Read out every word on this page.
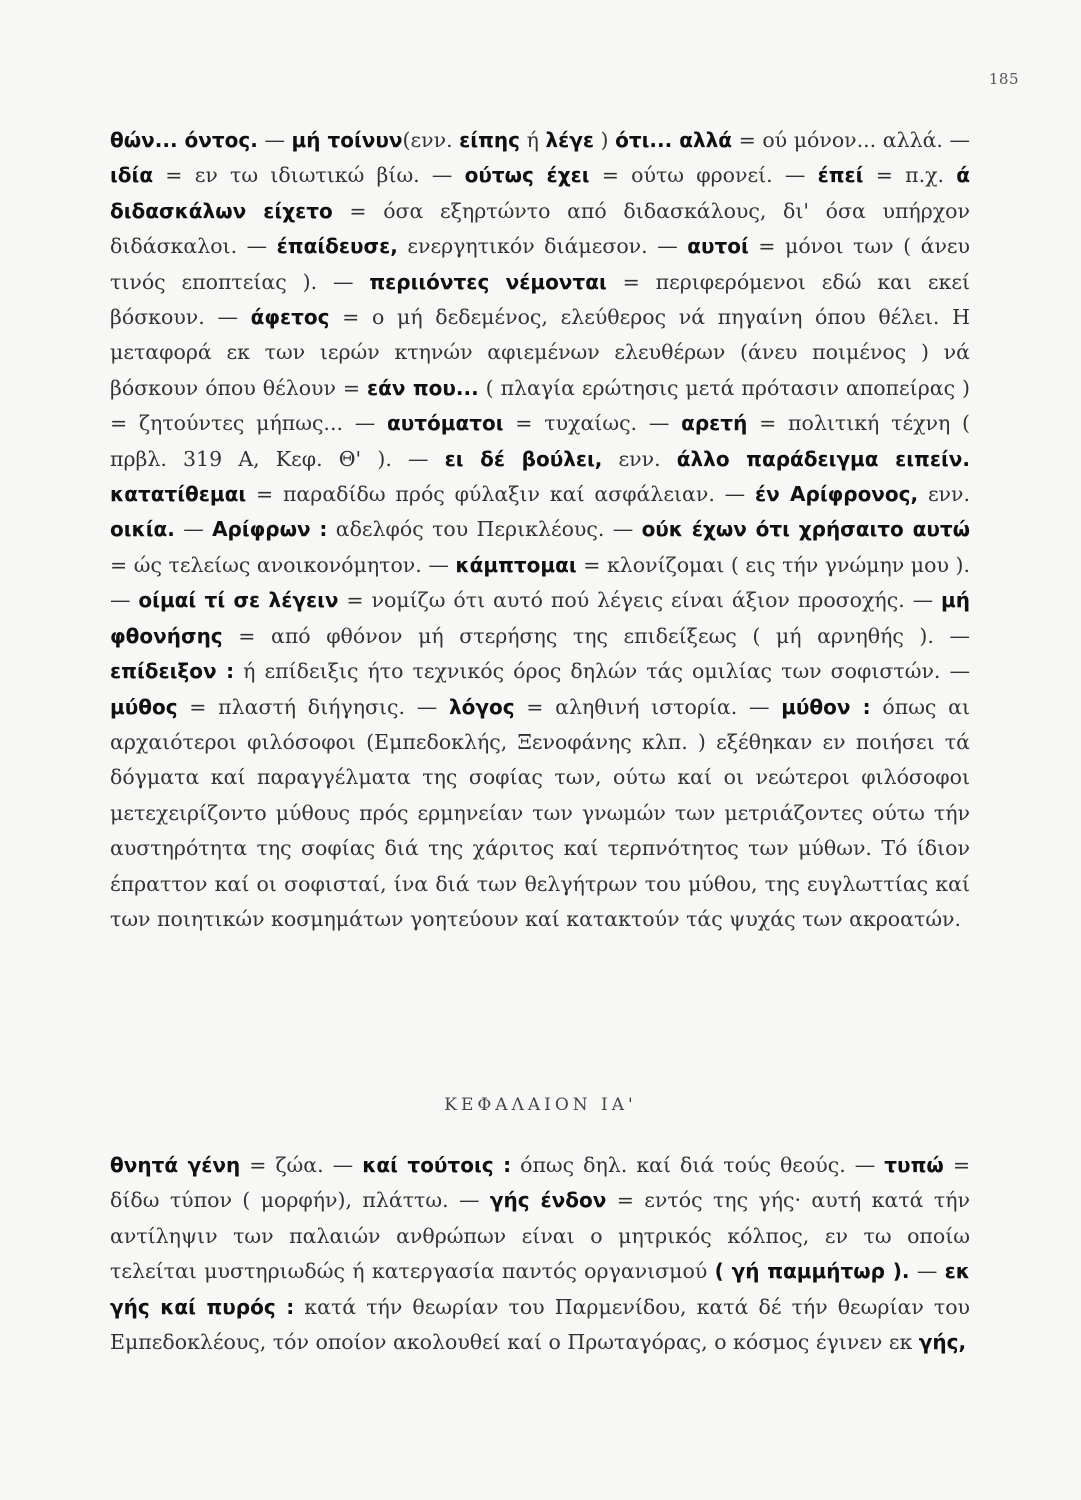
185

θών... όντος. — μή τοίνυν(ενν. είπης ή λέγε ) ότι... αλλά = ού μόνον... αλλά. — ιδία = εν τω ιδιωτικώ βίω. — ούτως έχει = ούτω φρονεί. — έπεί = π.χ. ά διδασκάλων είχετο = όσα εξηρτώντο από διδασκάλους, δι' όσα υπήρχον διδάσκαλοι. — έπαίδευσε, ενεργητικόν διάμεσον. — αυτοί = μόνοι των ( άνευ τινός εποπτείας ). — περιιόντες νέμονται = περιφερόμενοι εδώ και εκεί βόσκουν. — άφετος = ο μή δεδεμένος, ελεύθερος νά πηγαίνη όπου θέλει. Η μεταφορά εκ των ιερών κτηνών αφιεμένων ελευθέρων (άνευ ποιμένος ) νά βόσκουν όπου θέλουν = εάν που... ( πλαγία ερώτησις μετά πρότασιν αποπείρας ) = ζητούντες μήπως... — αυτόματοι = τυχαίως. — αρετή = πολιτική τέχνη ( πρβλ. 319 Α, Κεφ. Θ' ). — ει δέ βούλει, ενν. άλλο παράδειγμα ειπείν. κατατίθεμαι = παραδίδω πρός φύλαξιν καί ασφάλειαν. — έν Αρίφρονος, ενν. οικία. — Αρίφρων : αδελφός του Περικλέους. — ούκ έχων ότι χρήσαιτο αυτώ = ώς τελείως ανοικονόμητον. — κάμπτομαι = κλονίζομαι ( εις τήν γνώμην μου ). — οίμαί τί σε λέγειν = νομίζω ότι αυτό πού λέγεις είναι άξιον προσοχής. — μή φθονήσης = από φθόνον μή στερήσης της επιδείξεως ( μή αρνηθής ). — επίδειξον : ή επίδειξις ήτο τεχνικός όρος δηλών τάς ομιλίας των σοφιστών. — μύθος = πλαστή διήγησις. — λόγος = αληθινή ιστορία. — μύθον : όπως αι αρχαιότεροι φιλόσοφοι (Εμπεδοκλής, Ξενοφάνης κλπ. ) εξέθηκαν εν ποιήσει τά δόγματα καί παραγγέλματα της σοφίας των, ούτω καί οι νεώτεροι φιλόσοφοι μετεχειρίζοντο μύθους πρός ερμηνείαν των γνωμών των μετριάζοντες ούτω τήν αυστηρότητα της σοφίας διά της χάριτος καί τερπνότητος των μύθων. Τό ίδιον έπραττον καί οι σοφισταί, ίνα διά των θελγήτρων του μύθου, της ευγλωττίας καί των ποιητικών κοσμημάτων γοητεύουν καί κατακτούν τάς ψυχάς των ακροατών.

ΚΕΦΑΛΑΙΟΝ ΙΑ'

θνητά γένη = ζώα. — καί τούτοις : όπως δηλ. καί διά τούς θεούς. — τυπώ = δίδω τύπον ( μορφήν), πλάττω. — γής ένδον = εντός της γής· αυτή κατά τήν αντίληψιν των παλαιών ανθρώπων είναι ο μητρικός κόλπος, εν τω οποίω τελείται μυστηριωδώς ή κατεργασία παντός οργανισμού ( γή παμμήτωρ ). — εκ γής καί πυρός : κατά τήν θεωρίαν του Παρμενίδου, κατά δέ τήν θεωρίαν του Εμπεδοκλέους, τόν οποίον ακολουθεί καί ο Πρωταγόρας, ο κόσμος έγινεν εκ γής,
